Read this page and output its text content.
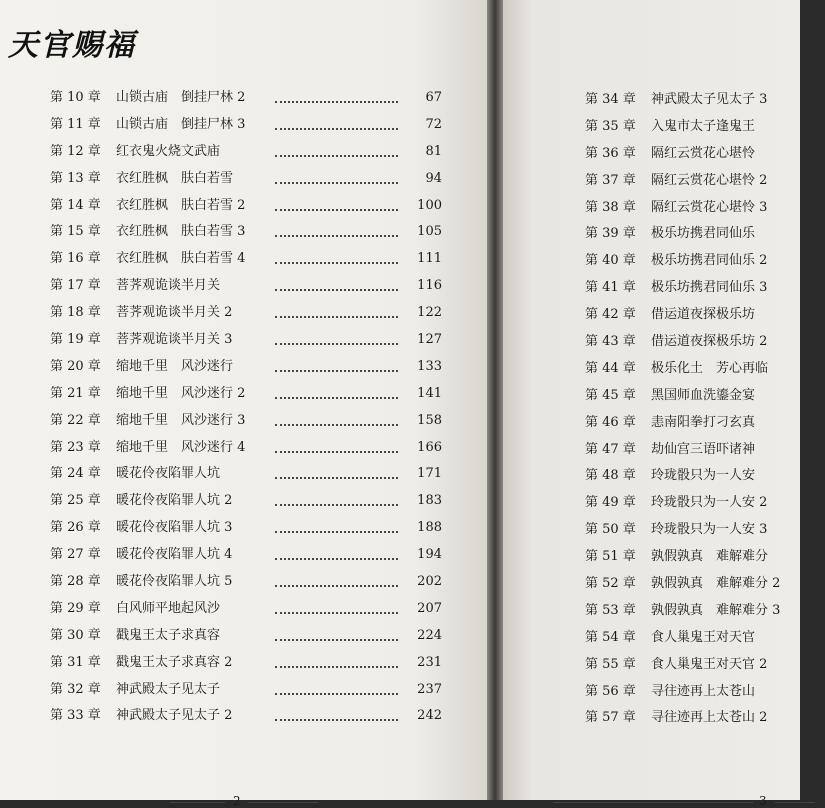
天官赐福
第 10 章	山锁古庙　倒挂尸林 2	67
第 11 章	山锁古庙　倒挂尸林 3	72
第 12 章	红衣鬼火烧文武庙	81
第 13 章	衣红胜枫　肤白若雪	94
第 14 章	衣红胜枫　肤白若雪 2	100
第 15 章	衣红胜枫　肤白若雪 3	105
第 16 章	衣红胜枫　肤白若雪 4	111
第 17 章	菩荠观诡谈半月关	116
第 18 章	菩荠观诡谈半月关 2	122
第 19 章	菩荠观诡谈半月关 3	127
第 20 章	缩地千里　风沙迷行	133
第 21 章	缩地千里　风沙迷行 2	141
第 22 章	缩地千里　风沙迷行 3	158
第 23 章	缩地千里　风沙迷行 4	166
第 24 章	暖花伶夜陷罪人坑	171
第 25 章	暖花伶夜陷罪人坑 2	183
第 26 章	暖花伶夜陷罪人坑 3	188
第 27 章	暖花伶夜陷罪人坑 4	194
第 28 章	暖花伶夜陷罪人坑 5	202
第 29 章	白风师平地起风沙	207
第 30 章	戳鬼王太子求真容	224
第 31 章	戳鬼王太子求真容 2	231
第 32 章	神武殿太子见太子	237
第 33 章	神武殿太子见太子 2	242
2
第 34 章	神武殿太子见太子 3
第 35 章	入鬼市太子逢鬼王
第 36 章	隔红云赏花心堪怜
第 37 章	隔红云赏花心堪怜 2
第 38 章	隔红云赏花心堪怜 3
第 39 章	极乐坊携君同仙乐
第 40 章	极乐坊携君同仙乐 2
第 41 章	极乐坊携君同仙乐 3
第 42 章	借运道夜探极乐坊
第 43 章	借运道夜探极乐坊 2
第 44 章	极乐化土　芳心再临
第 45 章	黑国师血洗鎏金宴
第 46 章	恚南阳拳打刁玄真
第 47 章	劫仙宫三语吓诸神
第 48 章	玲珑骰只为一人安
第 49 章	玲珑骰只为一人安 2
第 50 章	玲珑骰只为一人安 3
第 51 章	孰假孰真　难解难分
第 52 章	孰假孰真　难解难分 2
第 53 章	孰假孰真　难解难分 3
第 54 章	食人巢鬼王对天官
第 55 章	食人巢鬼王对天官 2
第 56 章	寻往迹再上太苍山
第 57 章	寻往迹再上太苍山 2
3
